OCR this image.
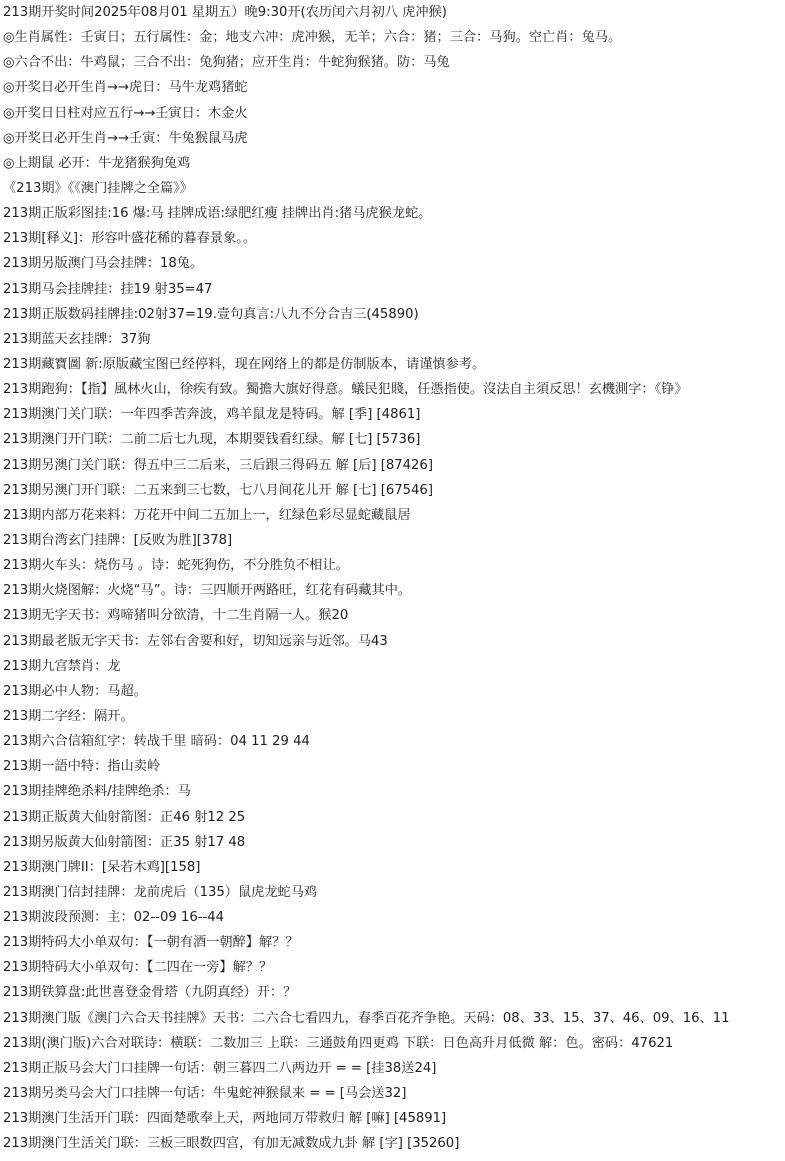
213期开奖时间2025年08月01 星期五）晚9:30开(农历闰六月初八 虎冲猴)
◎生肖属性：壬寅日；五行属性：金；地支六冲：虎冲猴，无羊；六合：猪；三合：马狗。空亡肖：兔马。
◎六合不出：牛鸡鼠；三合不出：兔狗猪；应开生肖：牛蛇狗猴猪。防：马兔
◎开奖日必开生肖→→虎日：马牛龙鸡猪蛇
◎开奖日日柱对应五行→→壬寅日：木金火
◎开奖日必开生肖→→壬寅：牛兔猴鼠马虎
◎上期鼠 必开：牛龙猪猴狗兔鸡
《213期》《《澳门挂牌之全篇》》
213期正版彩图挂:16 爆:马 挂牌成语:绿肥红瘦 挂牌出肖:猪马虎猴龙蛇。
213期[释义]：形容叶盛花稀的暮春景象。。
213期另版澳门马会挂牌：18兔。
213期马会挂牌挂：挂19 射35=47
213期正版数码挂牌挂:02射37=19.壹句真言:八九不分合吉三(45890)
213期蓝天玄挂牌：37狗
213期藏寶圖 新:原版藏宝图已经停料，现在网络上的都是仿制版本，请谨慎参考。
213期跑狗：【指】風林火山，徐疾有致。獨擔大旗好得意。蟻民犯賤，任憑指使。沒法自主須反思！玄機測字：《铮》
213期澳门关门联：一年四季苦奔波，鸡羊鼠龙是特码。解 [季] [4861]
213期澳门开门联：二前二后七九现，本期要钱看红绿。解 [七] [5736]
213期另澳门关门联：得五中三二后来，三后跟三得码五 解 [后] [87426]
213期另澳门开门联：二五来到三七数，七八月间花儿开 解 [七] [67546]
213期内部万花来料：万花开中间二五加上一，红绿色彩尽显蛇藏鼠居
213期台湾玄门挂牌：[反败为胜][378]
213期火车头：烧伤马 。诗：蛇死狗伤，不分胜负不相让。
213期火烧图解：火烧“马”。诗：三四顺开两路旺，红花有码藏其中。
213期无字天书：鸡啼猪叫分欲清，十二生肖隔一人。猴20
213期最老版无字天书：左邻右舍要和好，切知远亲与近邻。马43
213期九宫禁肖：龙
213期必中人物：马超。
213期二字经：隔开。
213期六合信箱紅字：转战千里 暗码：04 11 29 44
213期一語中特：指山卖岭
213期挂牌绝杀料/挂牌绝杀：马
213期正版黄大仙射箭图：正46 射12 25
213期另版黄大仙射箭图：正35 射17 48
213期澳门牌II：[呆若木鸡][158]
213期澳门信封挂牌：龙前虎后（135）鼠虎龙蛇马鸡
213期波段预测：主：02--09 16--44
213期特码大小单双句：【一朝有酒一朝醉】解？？
213期特码大小单双句：【二四在一旁】解？？
213期铁算盘:此世喜登金骨塔（九阴真经）开：？
213期澳门版《澳门六合天书挂牌》天书：二六合七看四九，春季百花齐争艳。天码：08、33、15、37、46、09、16、11
213期(澳门版)六合对联诗：横联：二数加三 上联：三通鼓角四更鸡 下联：日色高升月低微 解：色。密码：47621
213期正版马会大门口挂牌一句话：朝三暮四二八两边开 = = [挂38送24]
213期另类马会大门口挂牌一句话：牛鬼蛇神猴鼠来 = = [马会送32]
213期澳门生活开门联：四面楚歌奉上天，两地同万带救归 解 [嘛] [45891]
213期澳门生活关门联：三板三眼数四宫，有加无减数成九卦 解 [字] [35260]
